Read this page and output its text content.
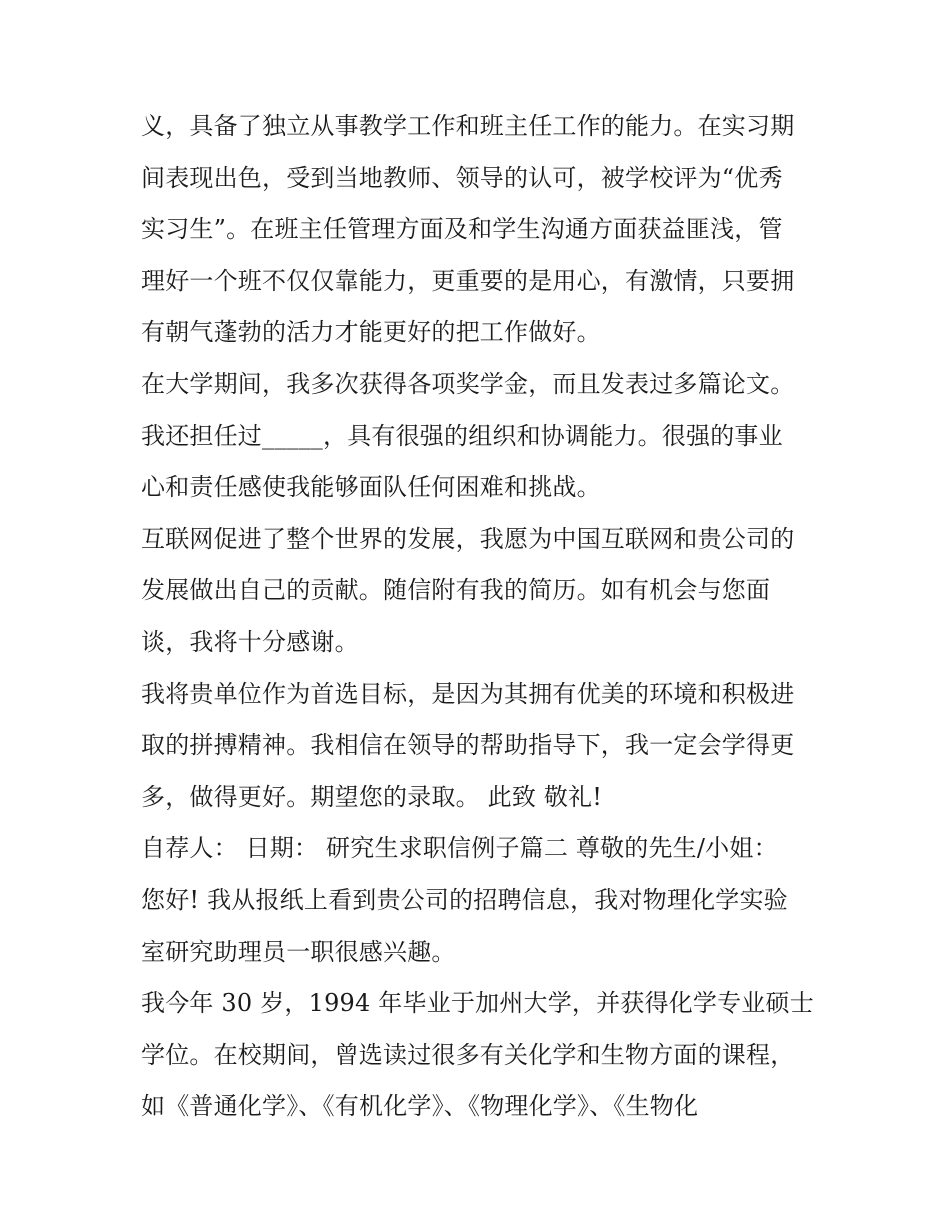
义，具备了独立从事教学工作和班主任工作的能力。在实习期
间表现出色，受到当地教师、领导的认可，被学校评为“优秀
实习生”。在班主任管理方面及和学生沟通方面获益匪浅，管
理好一个班不仅仅靠能力，更重要的是用心，有激情，只要拥
有朝气蓬勃的活力才能更好的把工作做好。
在大学期间，我多次获得各项奖学金，而且发表过多篇论文。
我还担任过_____，具有很强的组织和协调能力。很强的事业
心和责任感使我能够面队任何困难和挑战。
互联网促进了整个世界的发展，我愿为中国互联网和贵公司的
发展做出自己的贡献。随信附有我的简历。如有机会与您面
谈，我将十分感谢。
我将贵单位作为首选目标，是因为其拥有优美的环境和积极进
取的拼搏精神。我相信在领导的帮助指导下，我一定会学得更
多，做得更好。期望您的录取。 此致 敬礼!
自荐人： 日期： 研究生求职信例子篇二 尊敬的先生/小姐：
您好! 我从报纸上看到贵公司的招聘信息，我对物理化学实验
室研究助理员一职很感兴趣。
我今年 30 岁，1994 年毕业于加州大学，并获得化学专业硕士
学位。在校期间，曾选读过很多有关化学和生物方面的课程，
如《普通化学》、《有机化学》、《物理化学》、《生物化
